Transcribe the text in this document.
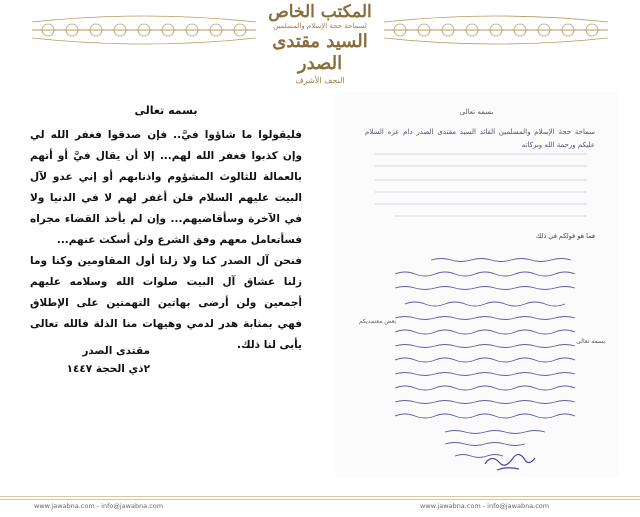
المكتب الخاص
لسماحة حجة الإسلام والمسلمين
السيد مقتدى الصدر
النجف الأشرف
بسمه تعالى

فليقولوا ما شاؤوا فيَّ.. فإن صدقوا فغفر الله لي وإن كذبوا فغفر الله لهم... إلا أن يقال فيَّ أو أتهم بالعمالة للثالوث المشؤوم واذنابهم أو إني عدو لآل البيت عليهم السلام فلن أغفر لهم لا في الدنيا ولا في الآخرة وسأقاضيهم... وإن لم يأخذ القضاء مجراه فسأتعامل معهم وفق الشرع ولن أسكت عنهم...

فنحن آل الصدر كنا ولا زلنا أول المقاومين وكنا وما زلنا عشاق آل البيت صلوات الله وسلامه عليهم أجمعين ولن أرضى بهاتين التهمتين على الإطلاق فهي بمثابة هدر لدمي وهيهات منا الذلة فالله تعالى يأبى لنا ذلك.

مقتدى الصدر
٢ذي الحجة ١٤٤٧
بسمه تعالى
سماحة حجة الإسلام والمسلمين القائد السيد مقتدى الصدر دام عزه السلام عليكم ورحمة الله وبركاته
فما هو قولكم في ذلك
بعض معتمديكم
بسمه تعالى
www.jawabna.com - info@jawabna.com	www.jawabna.com - info@jawabna.com
